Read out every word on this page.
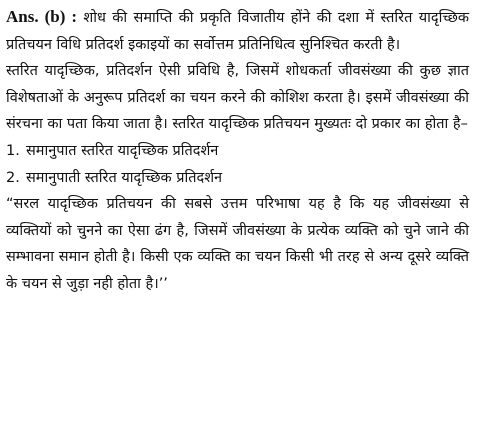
Ans. (b) : शोध की समाप्ति की प्रकृति विजातीय होंने की दशा में स्तरित यादृच्छिक प्रतिचयन विधि प्रतिदर्श इकाइयों का सर्वोत्तम प्रतिनिधित्व सुनिश्चित करती है।

स्तरित यादृच्छिक, प्रतिदर्शन ऐसी प्रविधि है, जिसमें शोधकर्ता जीवसंख्या की कुछ ज्ञात विशेषताओं के अनुरूप प्रतिदर्श का चयन करने की कोशिश करता है। इसमें जीवसंख्या की संरचना का पता किया जाता है। स्तरित यादृच्छिक प्रतिचयन मुख्यतः दो प्रकार का होता है–

1. समानुपात स्तरित यादृच्छिक प्रतिदर्शन

2. समानुपाती स्तरित यादृच्छिक प्रतिदर्शन

“सरल यादृच्छिक प्रतिचयन की सबसे उत्तम परिभाषा यह है कि यह जीवसंख्या से व्यक्तियों को चुनने का ऐसा ढंग है, जिसमें जीवसंख्या के प्रत्येक व्यक्ति को चुने जाने की सम्भावना समान होती है। किसी एक व्यक्ति का चयन किसी भी तरह से अन्य दूसरे व्यक्ति के चयन से जुड़ा नही होता है।’’
